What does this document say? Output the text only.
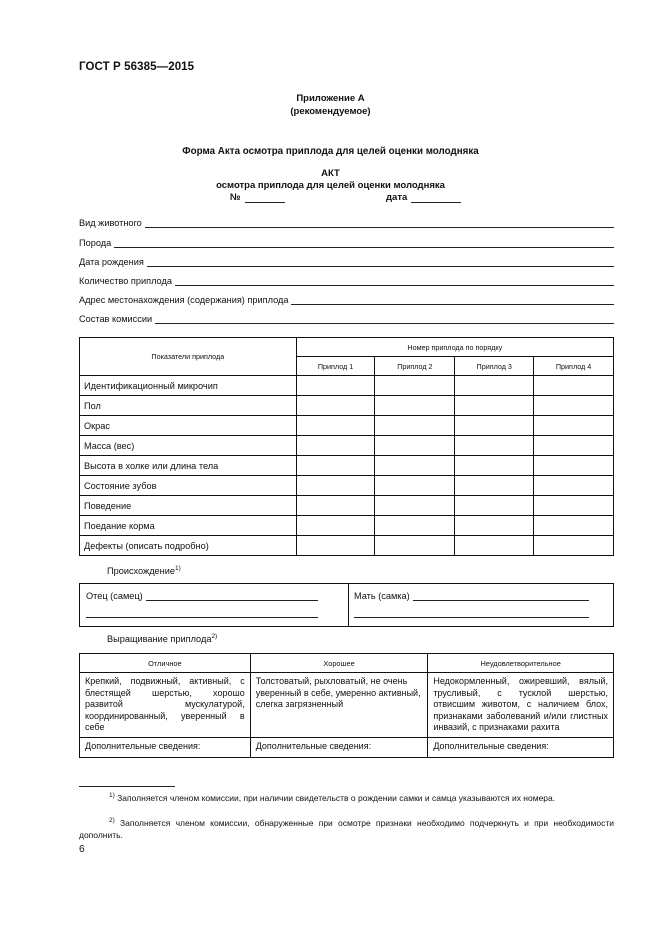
ГОСТ Р 56385—2015
Приложение А
(рекомендуемое)
Форма Акта осмотра приплода для целей оценки молодняка
АКТ
осмотра приплода для целей оценки молодняка
№	дата
Вид животного
Порода
Дата рождения
Количество приплода
Адрес местонахождения (содержания) приплода
Состав комиссии
Показатели приплода	Номер приплода по порядку			
	Приплод 1	Приплод 2	Приплод 3	Приплод 4
Идентификационный микрочип				
Пол				
Окрас				
Масса (вес)				
Высота в холке или длина тела				
Состояние зубов				
Поведение				
Поедание корма				
Дефекты (описать подробно)				
Происхождение$^{1)}$
Отец (самец)	Мать (самка)
Выращивание приплода$^{2)}$
Отличное	Хорошее	Неудовлетворительное
Крепкий, подвижный, активный, с блестящей шерстью, хорошо развитой мускулатурой, координированный, уверенный в себе	Толстоватый, рыхловатый, не очень уверенный в себе, умеренно активный, слегка загрязненный	Недокормленный, ожиревший, вялый, трусливый, с тусклой шерстью, отвисшим животом, с наличием блох, признаками заболеваний и/или глистных инвазий, с признаками рахита
Дополнительные сведения:	Дополнительные сведения:	Дополнительные сведения:
$^{1)}$ Заполняется членом комиссии, при наличии свидетельств о рождении самки и самца указываются их номера.
$^{2)}$ Заполняется членом комиссии, обнаруженные при осмотре признаки необходимо подчеркнуть и при необходимости дополнить.
6
